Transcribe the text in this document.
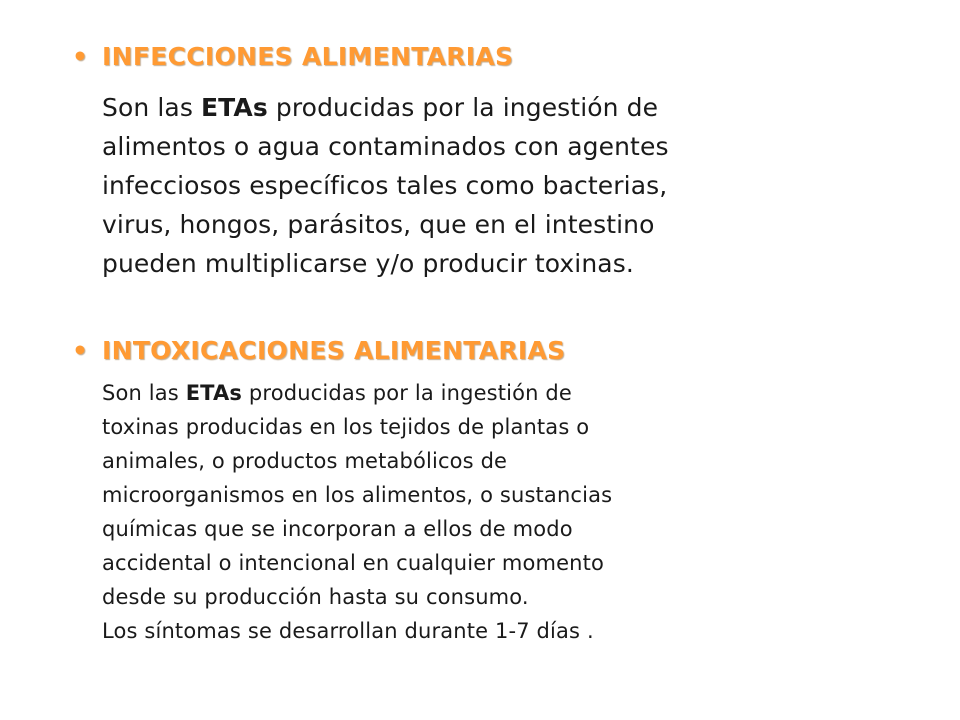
• INFECCIONES ALIMENTARIAS

Son las ETAs producidas por la ingestión de
alimentos o agua contaminados con agentes
infecciosos específicos tales como bacterias,
virus, hongos, parásitos, que en el intestino
pueden multiplicarse y/o producir toxinas.

• INTOXICACIONES ALIMENTARIAS

Son las ETAs producidas por la ingestión de
toxinas producidas en los tejidos de plantas o
animales, o productos metabólicos de
microorganismos en los alimentos, o sustancias
químicas que se incorporan a ellos de modo
accidental o intencional en cualquier momento
desde su producción hasta su consumo.
Los síntomas se desarrollan durante 1-7 días .
